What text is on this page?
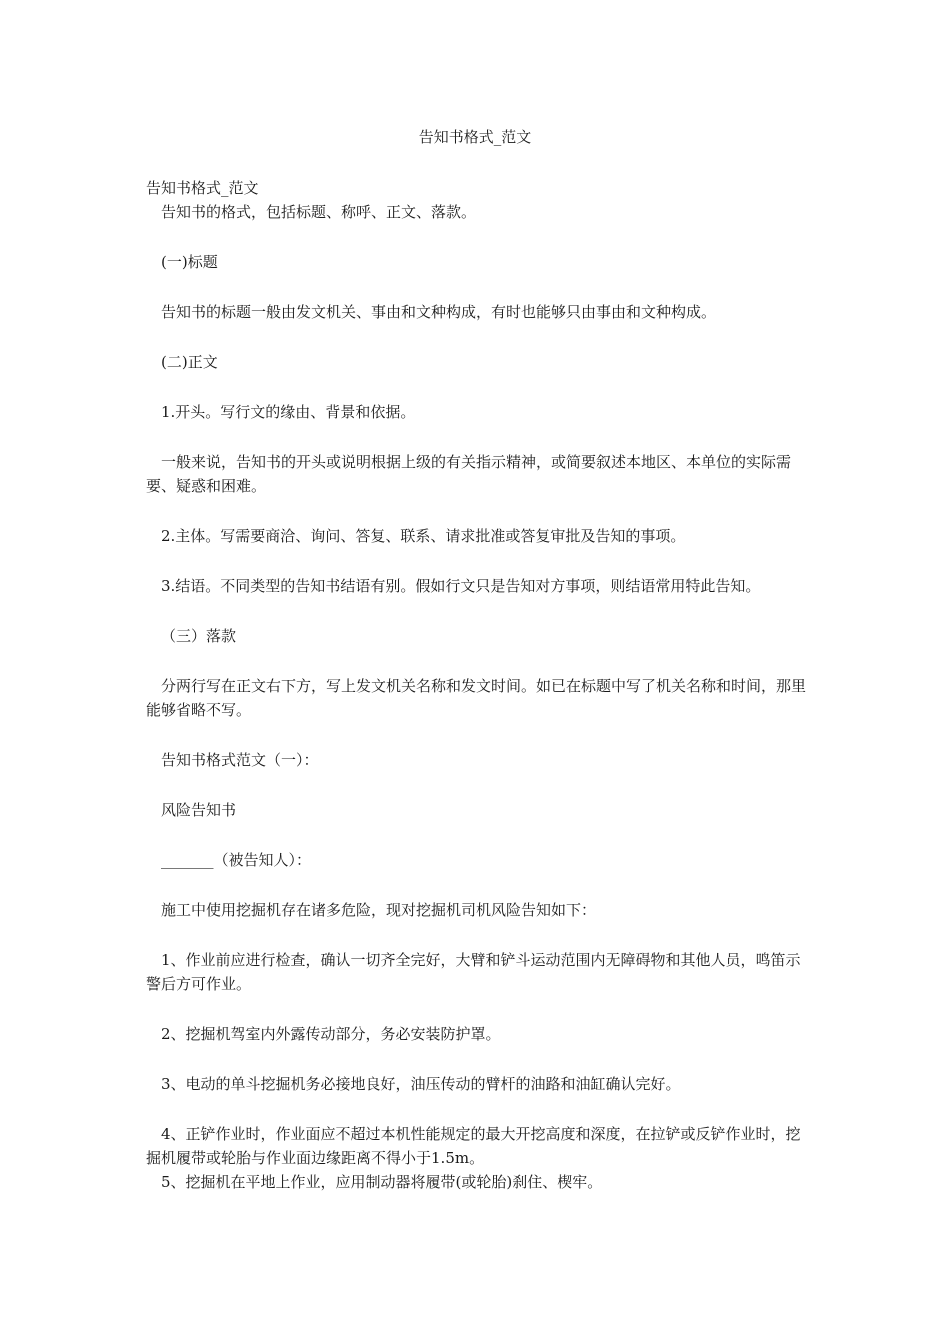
告知书格式_范文
告知书格式_范文
告知书的格式，包括标题、称呼、正文、落款。
(一)标题
告知书的标题一般由发文机关、事由和文种构成，有时也能够只由事由和文种构成。
(二)正文
1.开头。写行文的缘由、背景和依据。
一般来说，告知书的开头或说明根据上级的有关指示精神，或简要叙述本地区、本单位的实际需要、疑惑和困难。
2.主体。写需要商洽、询问、答复、联系、请求批准或答复审批及告知的事项。
3.结语。不同类型的告知书结语有别。假如行文只是告知对方事项，则结语常用特此告知。
（三）落款
分两行写在正文右下方，写上发文机关名称和发文时间。如已在标题中写了机关名称和时间，那里能够省略不写。
告知书格式范文（一）：
风险告知书
_______（被告知人）：
施工中使用挖掘机存在诸多危险，现对挖掘机司机风险告知如下：
1、作业前应进行检查，确认一切齐全完好，大臂和铲斗运动范围内无障碍物和其他人员，鸣笛示警后方可作业。
2、挖掘机驾室内外露传动部分，务必安装防护罩。
3、电动的单斗挖掘机务必接地良好，油压传动的臂杆的油路和油缸确认完好。
4、正铲作业时，作业面应不超过本机性能规定的最大开挖高度和深度，在拉铲或反铲作业时，挖掘机履带或轮胎与作业面边缘距离不得小于1.5m。
5、挖掘机在平地上作业，应用制动器将履带(或轮胎)刹住、楔牢。
